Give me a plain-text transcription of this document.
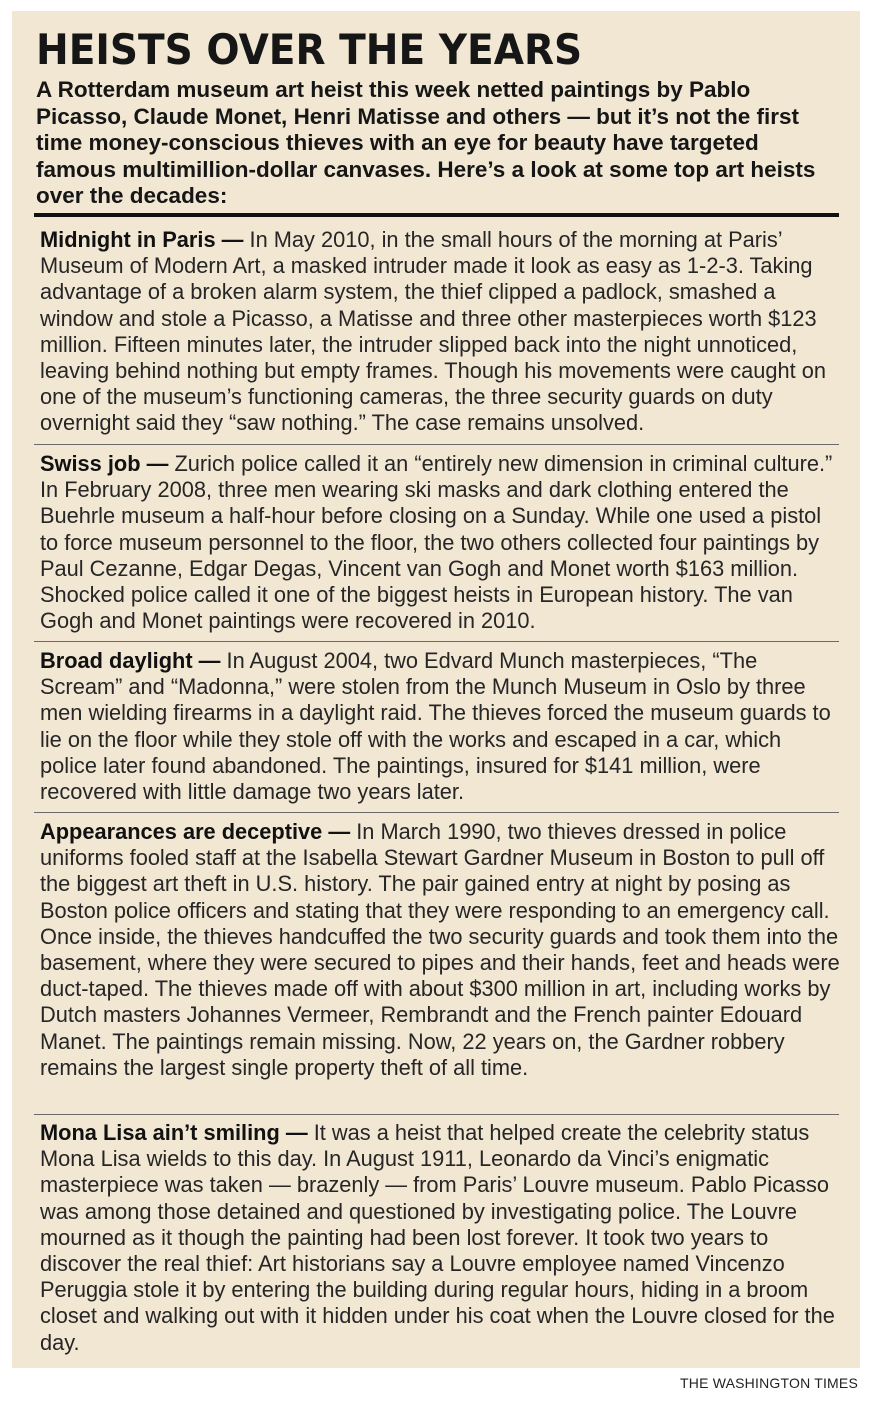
HEISTS OVER THE YEARS

A Rotterdam museum art heist this week netted paintings by Pablo Picasso, Claude Monet, Henri Matisse and others — but it’s not the first time money-conscious thieves with an eye for beauty have targeted famous multimillion-dollar canvases. Here’s a look at some top art heists over the decades:

Midnight in Paris — In May 2010, in the small hours of the morning at Paris’ Museum of Modern Art, a masked intruder made it look as easy as 1-2-3. Taking advantage of a broken alarm system, the thief clipped a padlock, smashed a window and stole a Picasso, a Matisse and three other masterpieces worth $123 million. Fifteen minutes later, the intruder slipped back into the night unnoticed, leaving behind nothing but empty frames. Though his movements were caught on one of the museum’s functioning cameras, the three security guards on duty overnight said they “saw nothing.” The case remains unsolved.

Swiss job — Zurich police called it an “entirely new dimension in criminal culture.” In February 2008, three men wearing ski masks and dark clothing entered the Buehrle museum a half-hour before closing on a Sunday. While one used a pistol to force museum personnel to the floor, the two others collected four paintings by Paul Cezanne, Edgar Degas, Vincent van Gogh and Monet worth $163 million. Shocked police called it one of the biggest heists in European history. The van Gogh and Monet paintings were recovered in 2010.

Broad daylight — In August 2004, two Edvard Munch masterpieces, “The Scream” and “Madonna,” were stolen from the Munch Museum in Oslo by three men wielding firearms in a daylight raid. The thieves forced the museum guards to lie on the floor while they stole off with the works and escaped in a car, which police later found abandoned. The paintings, insured for $141 million, were recovered with little damage two years later.

Appearances are deceptive — In March 1990, two thieves dressed in police uniforms fooled staff at the Isabella Stewart Gardner Museum in Boston to pull off the biggest art theft in U.S. history. The pair gained entry at night by posing as Boston police officers and stating that they were responding to an emergency call. Once inside, the thieves handcuffed the two security guards and took them into the basement, where they were secured to pipes and their hands, feet and heads were duct-taped. The thieves made off with about $300 million in art, including works by Dutch masters Johannes Vermeer, Rembrandt and the French painter Edouard Manet. The paintings remain missing. Now, 22 years on, the Gardner robbery remains the largest single property theft of all time.

Mona Lisa ain’t smiling — It was a heist that helped create the celebrity status Mona Lisa wields to this day. In August 1911, Leonardo da Vinci’s enigmatic masterpiece was taken — brazenly — from Paris’ Louvre museum. Pablo Picasso was among those detained and questioned by investigating police. The Louvre mourned as it though the painting had been lost forever. It took two years to discover the real thief: Art historians say a Louvre employee named Vincenzo Peruggia stole it by entering the building during regular hours, hiding in a broom closet and walking out with it hidden under his coat when the Louvre closed for the day.

THE WASHINGTON TIMES
